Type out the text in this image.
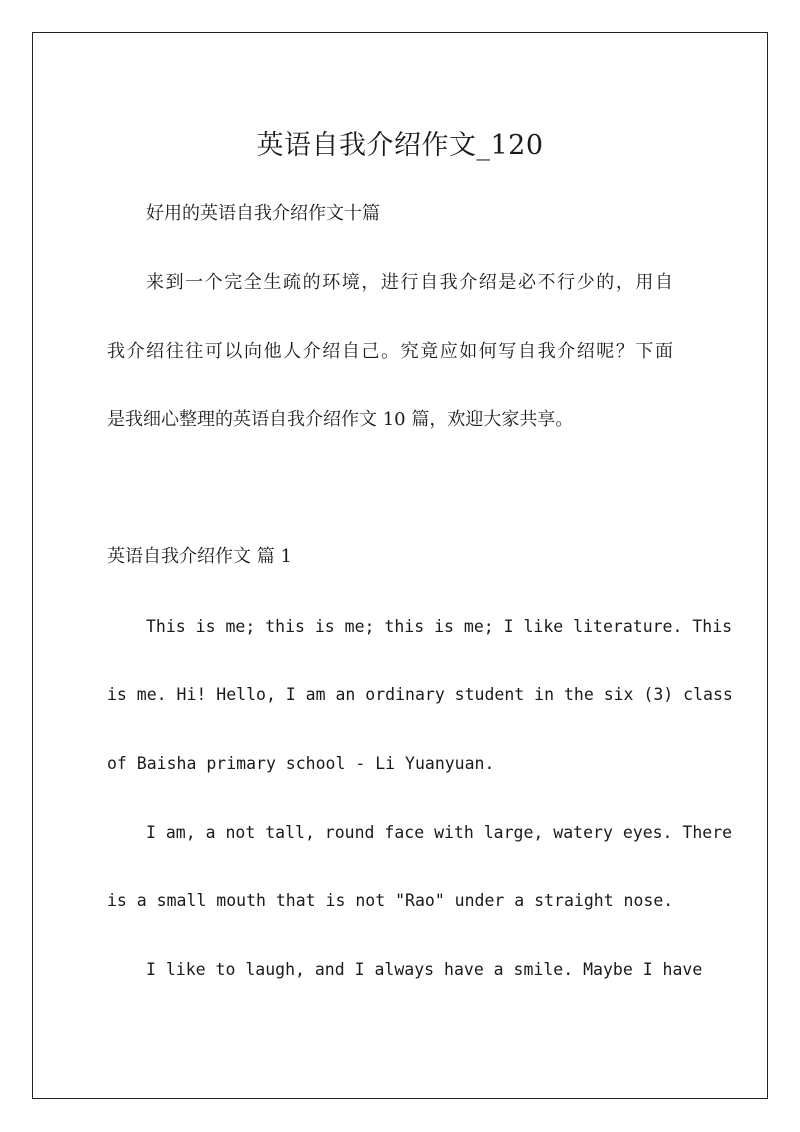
英语自我介绍作文_120
好用的英语自我介绍作文十篇
来到一个完全生疏的环境，进行自我介绍是必不行少的，用自
我介绍往往可以向他人介绍自己。究竟应如何写自我介绍呢？下面
是我细心整理的英语自我介绍作文 10 篇，欢迎大家共享。
英语自我介绍作文 篇 1
This is me; this is me; this is me; I like literature. This
is me. Hi! Hello, I am an ordinary student in the six (3) class
of Baisha primary school - Li Yuanyuan.
I am, a not tall, round face with large, watery eyes. There
is a small mouth that is not "Rao" under a straight nose.
I like to laugh, and I always have a smile. Maybe I have
